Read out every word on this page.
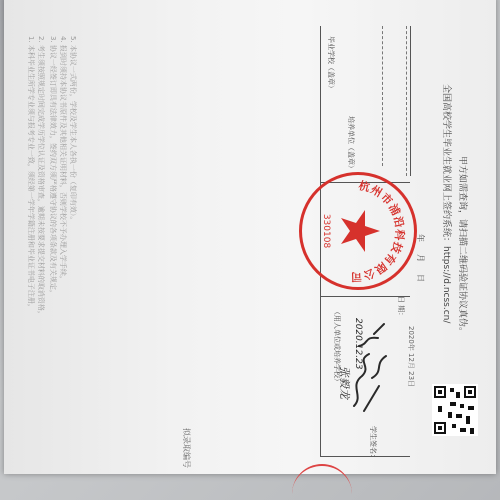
1. 本科毕业生所学专业须与报考专业一致，须经第一学年学籍注册和毕业证书电子注册， 2. 考生须按照规定时间完成学历学位认证及资格审查，逾期未按要求提交材料的取消资格， 3. 协议一经签订即具有法律效力，签约双方须严格遵守协议的各项条款及有关规定， 4. 报到时须持本协议书原件及其他相关证明材料，否则学校不予办理入学手续， 5. 本协议一式两份，学校及学生本人各执一份（复印有效）。
拟录取编号
毕业学校（盖章）
培养单位（盖章）
年
月
日
（用人单位或培养学校）
学生签名：
日 期：
2020年 12月 23日
2020.12.23
张毅龙
杭州市浦沿科技有限公司
330108	全国高校学生毕业生就业网上签约系统：https://d.ncss.cn/ 甲方如需查询，请扫描二维码验证协议真伪。
